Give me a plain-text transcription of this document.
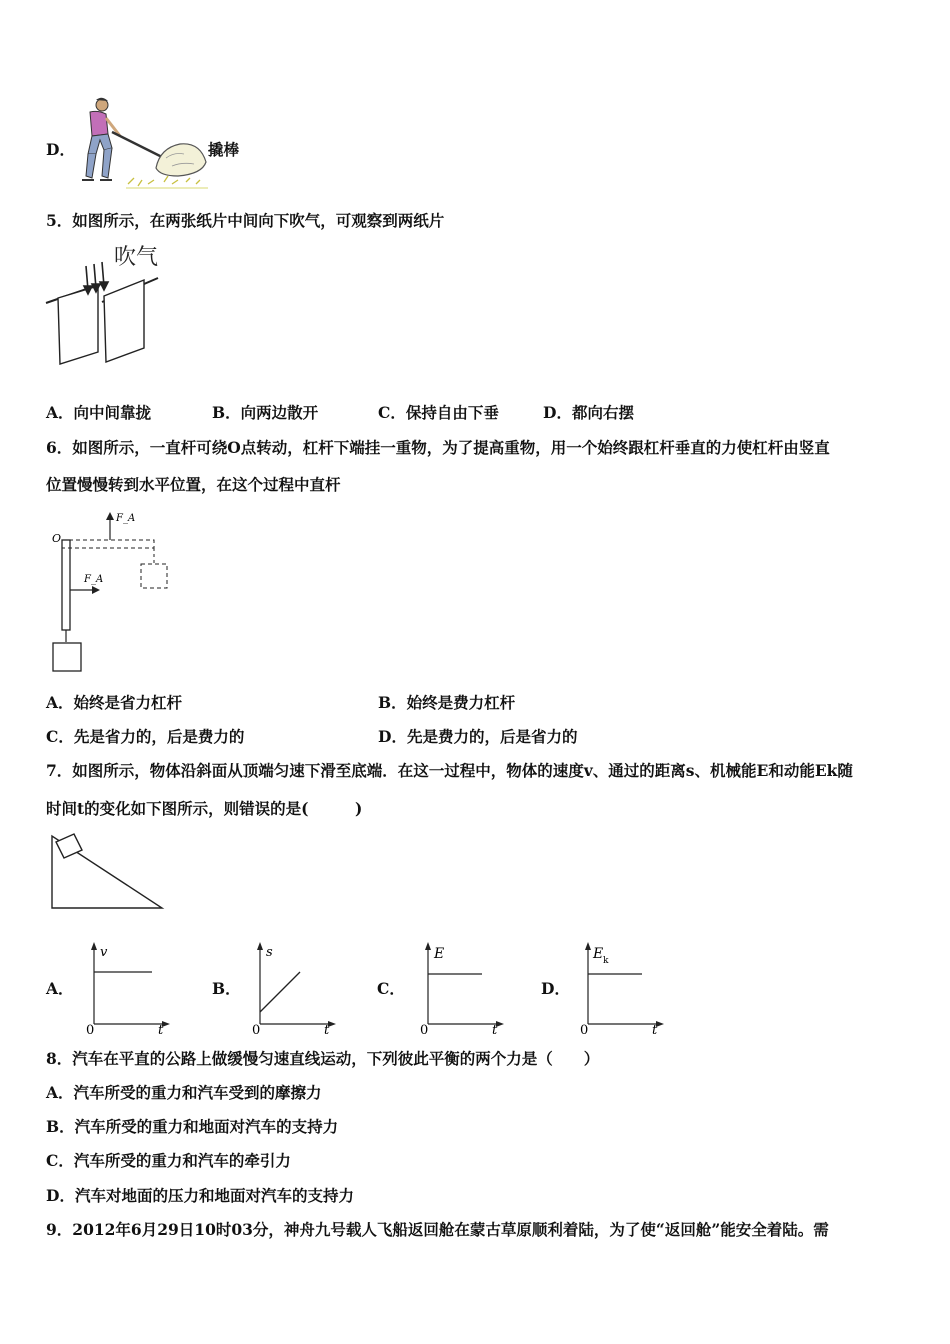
D．	撬棒
5．如图所示，在两张纸片中间向下吹气，可观察到两纸片
吹气
A．向中间靠拢	B．向两边散开	C．保持自由下垂	D．都向右摆
6．如图所示，一直杆可绕O点转动，杠杆下端挂一重物，为了提高重物，用一个始终跟杠杆垂直的力使杠杆由竖直
位置慢慢转到水平位置，在这个过程中直杆
O
F_A
F_A
A．始终是省力杠杆	B．始终是费力杠杆
C．先是省力的，后是费力的	D．先是费力的，后是省力的
7．如图所示，物体沿斜面从顶端匀速下滑至底端．在这一过程中，物体的速度v、通过的距离s、机械能E和动能Ek随
时间t的变化如下图所示，则错误的是(　　　)
A．	B．	C．	D．
v
t
0
s
t
0
E
t
0
E k
t
0
8．汽车在平直的公路上做缓慢匀速直线运动，下列彼此平衡的两个力是（　　）
A．汽车所受的重力和汽车受到的摩擦力
B．汽车所受的重力和地面对汽车的支持力
C．汽车所受的重力和汽车的牵引力
D．汽车对地面的压力和地面对汽车的支持力
9．2012年6月29日10时03分，神舟九号载人飞船返回舱在蒙古草原顺利着陆，为了使“返回舱”能安全着陆。需
